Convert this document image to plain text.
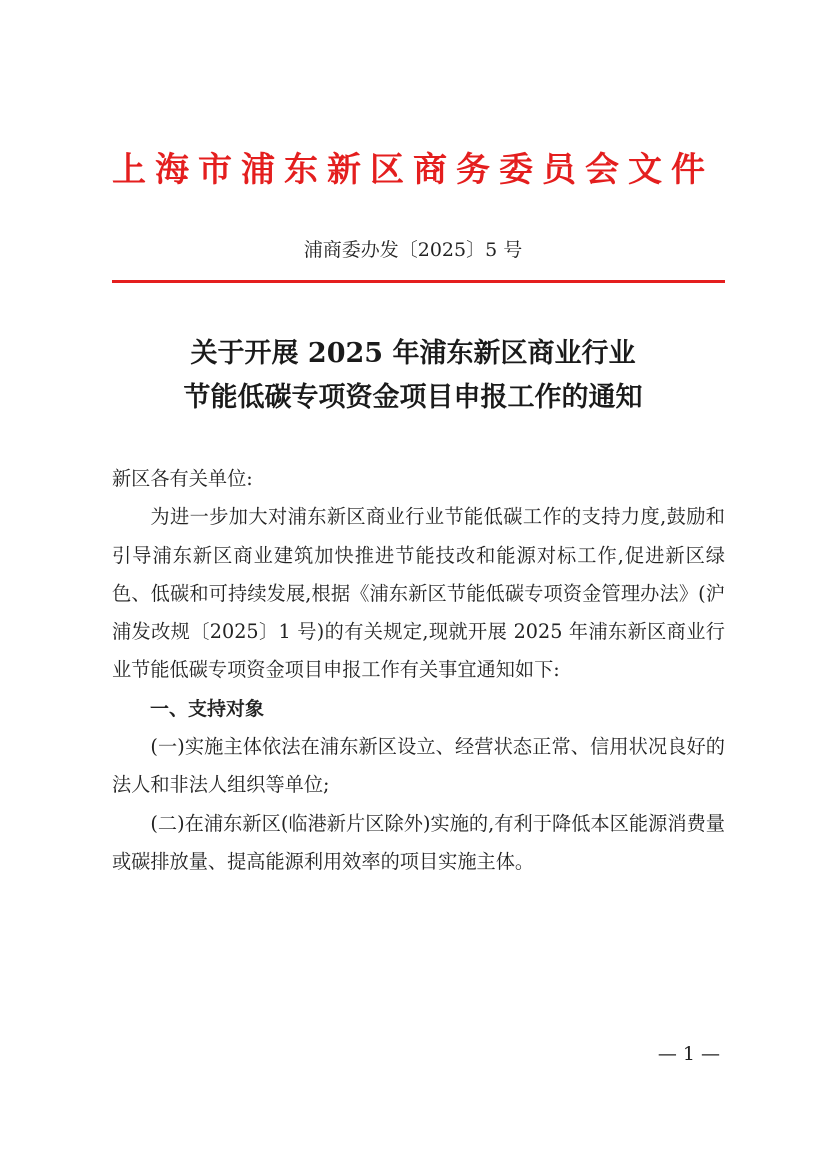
上海市浦东新区商务委员会文件
浦商委办发〔2025〕5 号
关于开展 2025 年浦东新区商业行业
节能低碳专项资金项目申报工作的通知

新区各有关单位:

为进一步加大对浦东新区商业行业节能低碳工作的支持力度,鼓励和引导浦东新区商业建筑加快推进节能技改和能源对标工作,促进新区绿色、低碳和可持续发展,根据《浦东新区节能低碳专项资金管理办法》(沪浦发改规〔2025〕1 号)的有关规定,现就开展 2025 年浦东新区商业行业节能低碳专项资金项目申报工作有关事宜通知如下:

一、支持对象

(一)实施主体依法在浦东新区设立、经营状态正常、信用状况良好的法人和非法人组织等单位;

(二)在浦东新区(临港新片区除外)实施的,有利于降低本区能源消费量或碳排放量、提高能源利用效率的项目实施主体。

— 1 —
